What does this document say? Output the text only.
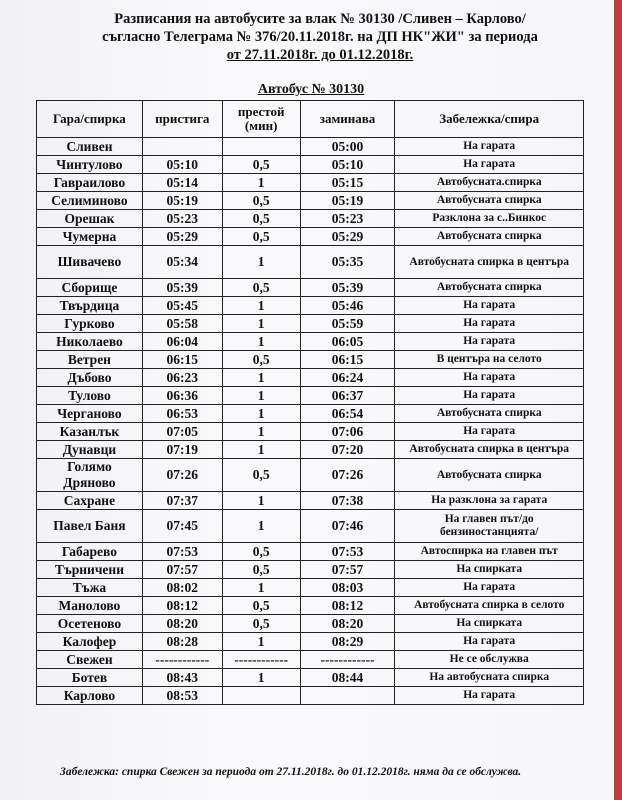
Разписания на автобусите за влак № 30130 /Сливен – Карлово/
съгласно Телеграма № 376/20.11.2018г. на ДП НК"ЖИ" за периода
от 27.11.2018г. до 01.12.2018г.
Автобус № 30130
Гара/спирка	пристига	престой (мин)	заминава	Забележка/спира
Сливен			05:00	На гарата
Чинтулово	05:10	0,5	05:10	На гарата
Гавраилово	05:14	1	05:15	Автобусната.спирка
Селиминово	05:19	0,5	05:19	Автобусната спирка
Орешак	05:23	0,5	05:23	Разклона за с..Бинкос
Чумерна	05:29	0,5	05:29	Автобусната спирка
Шивачево	05:34	1	05:35	Автобусната спирка в центъра
Сборище	05:39	0,5	05:39	Автобусната спирка
Твърдица	05:45	1	05:46	На гарата
Гурково	05:58	1	05:59	На гарата
Николаево	06:04	1	06:05	На гарата
Ветрен	06:15	0,5	06:15	В центъра на селото
Дъбово	06:23	1	06:24	На гарата
Тулово	06:36	1	06:37	На гарата
Черганово	06:53	1	06:54	Автобусната спирка
Казанлък	07:05	1	07:06	На гарата
Дунавци	07:19	1	07:20	Автобусната спирка в центъра
Голямо Дряново	07:26	0,5	07:26	Автобусната спирка
Сахране	07:37	1	07:38	На разклона за гарата
Павел Баня	07:45	1	07:46	На главен път/до бензиностанцията/
Габарево	07:53	0,5	07:53	Автоспирка на главен път
Търничени	07:57	0,5	07:57	На спирката
Тъжа	08:02	1	08:03	На гарата
Манолово	08:12	0,5	08:12	Автобусната спирка в селото
Осетеново	08:20	0,5	08:20	На спирката
Калофер	08:28	1	08:29	На гарата
Свежен	------------	------------	------------	Не се обслужва
Ботев	08:43	1	08:44	На автобусната спирка
Карлово	08:53			На гарата
Забележка: спирка Свежен за периода от 27.11.2018г. до 01.12.2018г. няма да се обслужва.
